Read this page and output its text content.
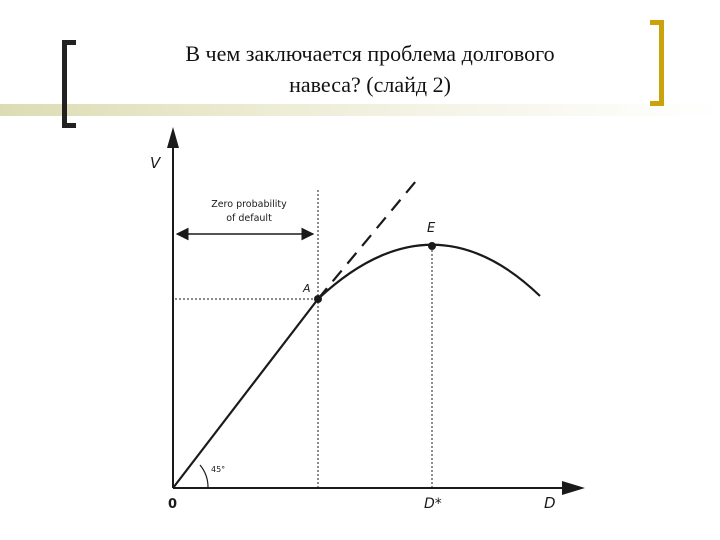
В чем заключается проблема долгового
навеса? (слайд 2)
V
D
0
Zero probability
of default
45°
A
E
D*
